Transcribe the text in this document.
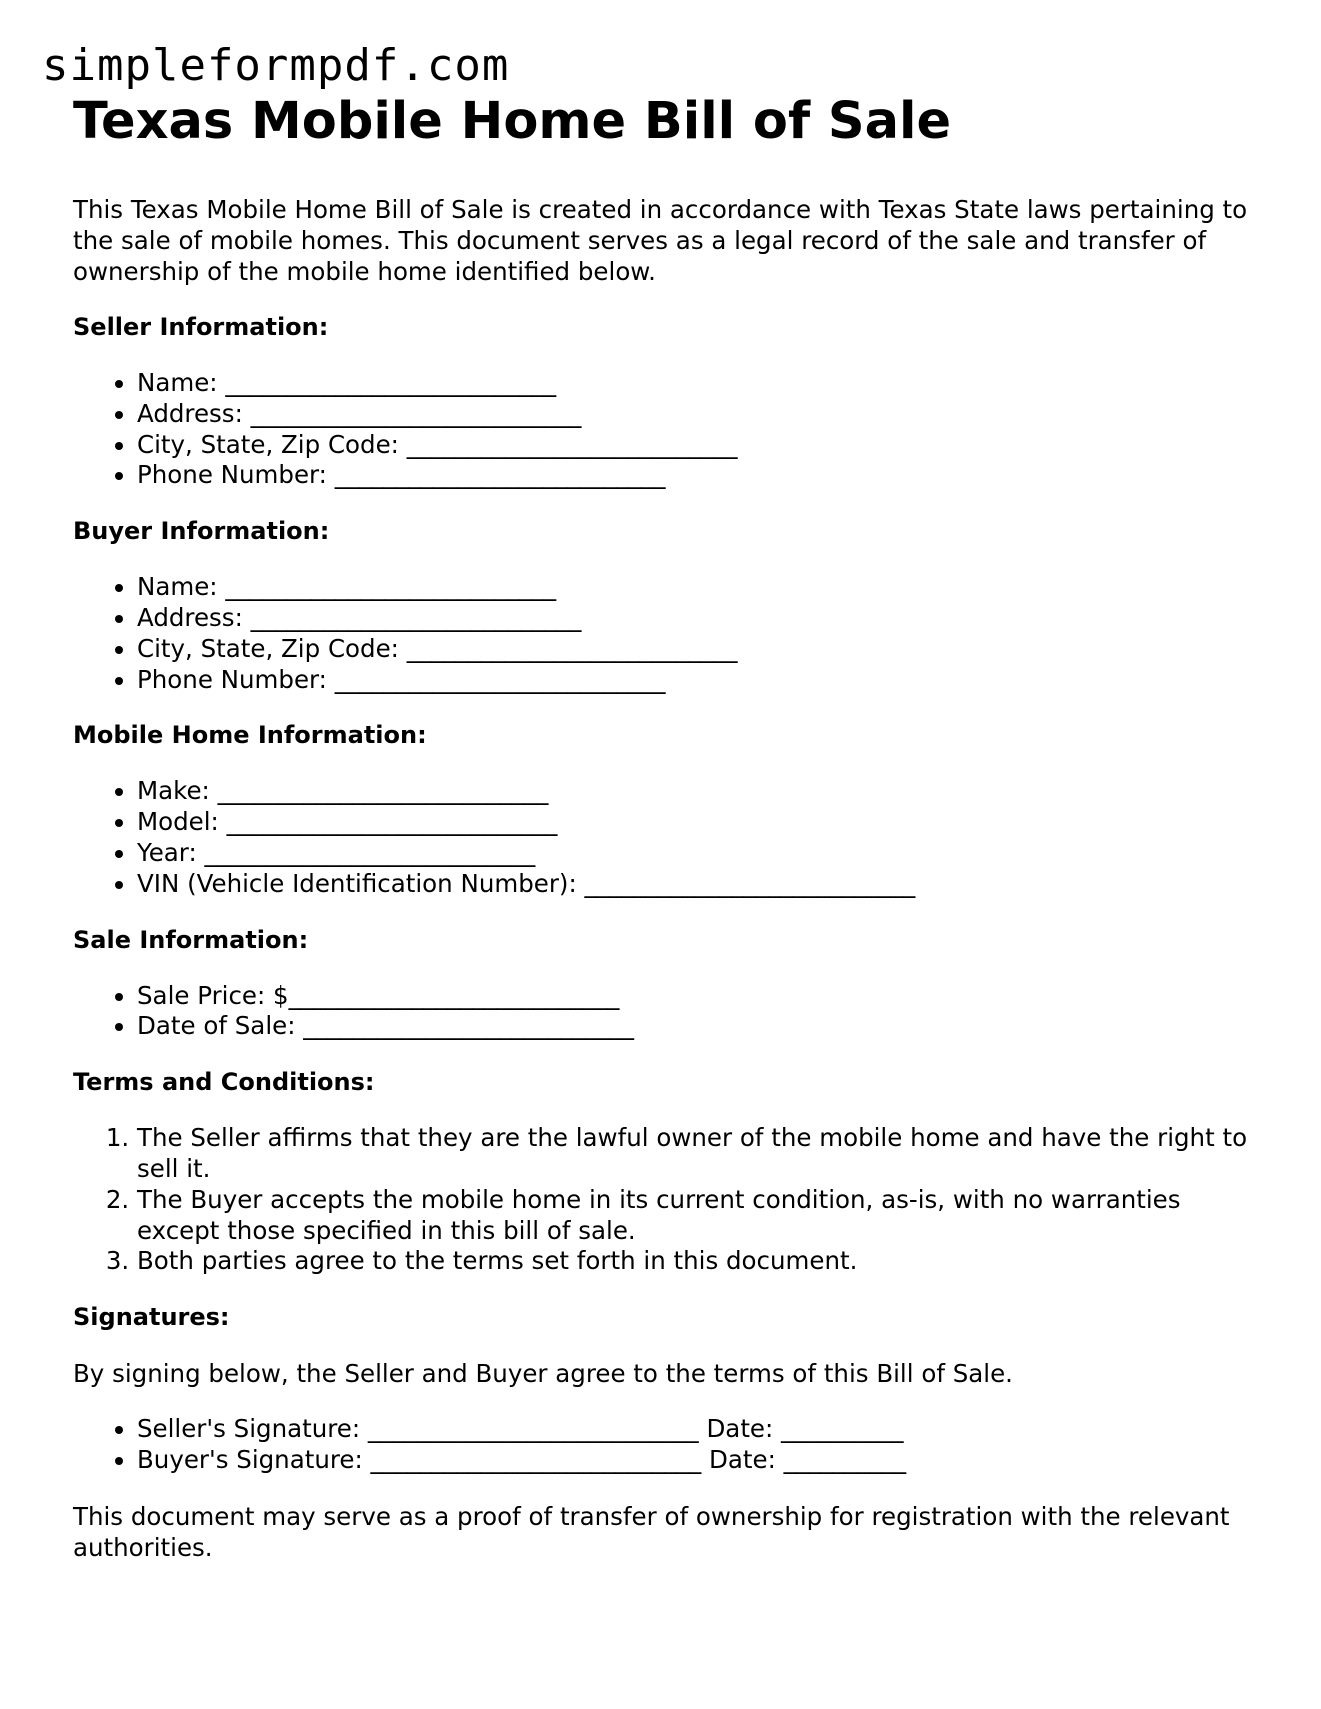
simpleformpdf.com
Texas Mobile Home Bill of Sale

This Texas Mobile Home Bill of Sale is created in accordance with Texas State laws pertaining to the sale of mobile homes. This document serves as a legal record of the sale and transfer of ownership of the mobile home identified below.

Seller Information:
• Name: ___________________________
• Address: ___________________________
• City, State, Zip Code: ___________________________
• Phone Number: ___________________________
Buyer Information:
• Name: ___________________________
• Address: ___________________________
• City, State, Zip Code: ___________________________
• Phone Number: ___________________________
Mobile Home Information:
• Make: ___________________________
• Model: ___________________________
• Year: ___________________________
• VIN (Vehicle Identification Number): ___________________________
Sale Information:
• Sale Price: $___________________________
• Date of Sale: ___________________________
Terms and Conditions:
1. The Seller affirms that they are the lawful owner of the mobile home and have the right to sell it.
2. The Buyer accepts the mobile home in its current condition, as-is, with no warranties except those specified in this bill of sale.
3. Both parties agree to the terms set forth in this document.
Signatures:

By signing below, the Seller and Buyer agree to the terms of this Bill of Sale.

• Seller's Signature: ___________________________ Date: __________
• Buyer's Signature: ___________________________ Date: __________

This document may serve as a proof of transfer of ownership for registration with the relevant authorities.
